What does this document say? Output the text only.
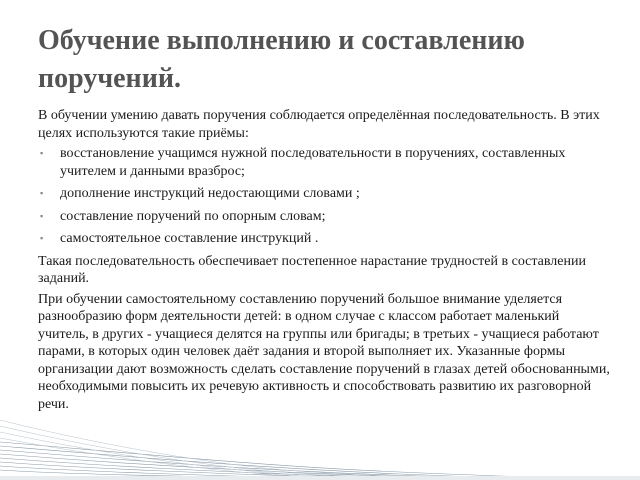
Обучение выполнению и составлению поручений.

В обучении умению давать поручения соблюдается определённая последовательность. В этих целях используются такие приёмы:

▪ восстановление учащимся нужной последовательности в поручениях, составленных учителем и данными вразброс;
▪ дополнение инструкций недостающими словами ;
▪ составление поручений по опорным словам;
▪ самостоятельное составление инструкций .

Такая последовательность обеспечивает постепенное нарастание трудностей в составлении заданий.

При обучении самостоятельному составлению поручений большое внимание уделяется разнообразию форм деятельности детей: в одном случае с классом работает маленький учитель, в других - учащиеся делятся на группы или бригады; в третьих - учащиеся работают парами, в которых один человек даёт задания и второй выполняет их. Указанные формы организации дают возможность сделать составление поручений в глазах детей обоснованными, необходимыми повысить их речевую активность и способствовать развитию их разговорной речи.
